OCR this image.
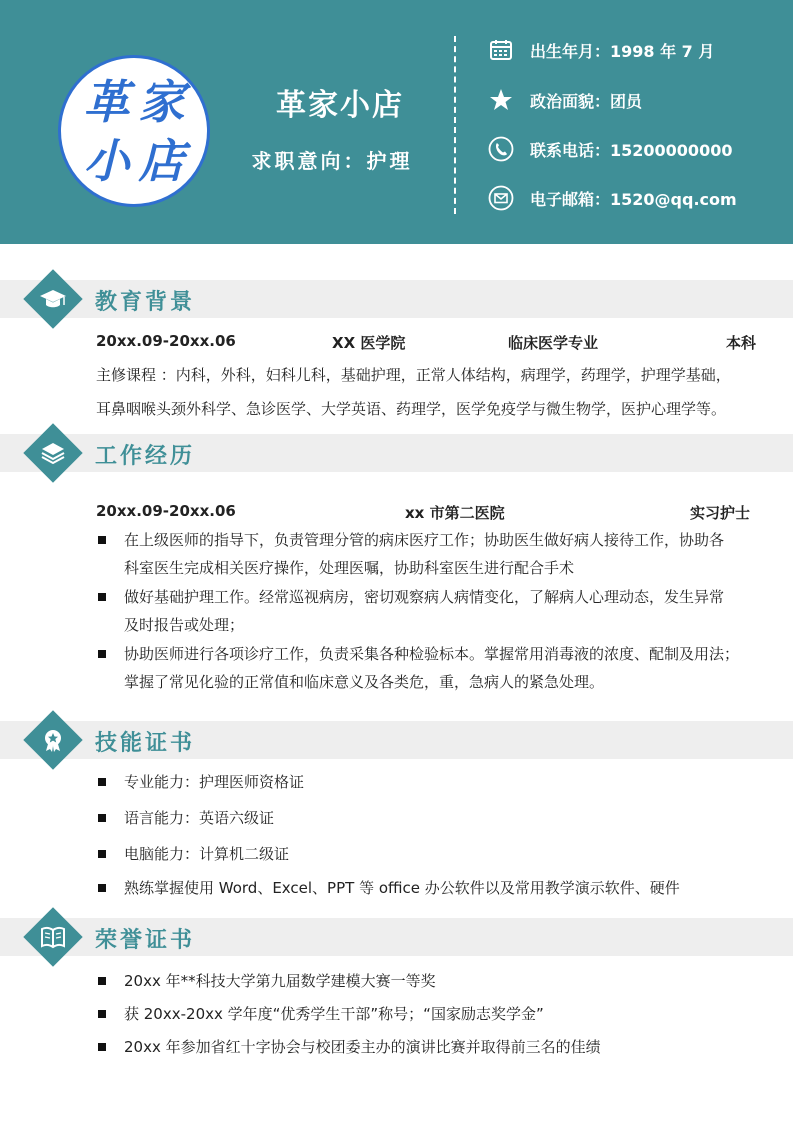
革 家
小 店
革家小店
求职意向：护理
出生年月：1998 年 7 月
政治面貌：团员
联系电话：15200000000
电子邮箱：1520@qq.com
教育背景
20xx.09-20xx.06	XX 医学院	临床医学专业	本科
主修课程 ：内科，外科，妇科儿科，基础护理，正常人体结构，病理学，药理学，护理学基础，
耳鼻咽喉头颈外科学、急诊医学、大学英语、药理学，医学免疫学与微生物学，医护心理学等。
工作经历
20xx.09-20xx.06	xx 市第二医院	实习护士
在上级医师的指导下，负责管理分管的病床医疗工作；协助医生做好病人接待工作，协助各
科室医生完成相关医疗操作，处理医嘱，协助科室医生进行配合手术
做好基础护理工作。经常巡视病房，密切观察病人病情变化，了解病人心理动态，发生异常
及时报告或处理；
协助医师进行各项诊疗工作，负责采集各种检验标本。掌握常用消毒液的浓度、配制及用法；
掌握了常见化验的正常值和临床意义及各类危，重，急病人的紧急处理。
技能证书
专业能力：护理医师资格证
语言能力：英语六级证
电脑能力：计算机二级证
熟练掌握使用 Word、Excel、PPT 等 office 办公软件以及常用教学演示软件、硬件
荣誉证书
20xx 年**科技大学第九届数学建模大赛一等奖
获 20xx-20xx 学年度“优秀学生干部”称号；“国家励志奖学金”
20xx 年参加省红十字协会与校团委主办的演讲比赛并取得前三名的佳绩
